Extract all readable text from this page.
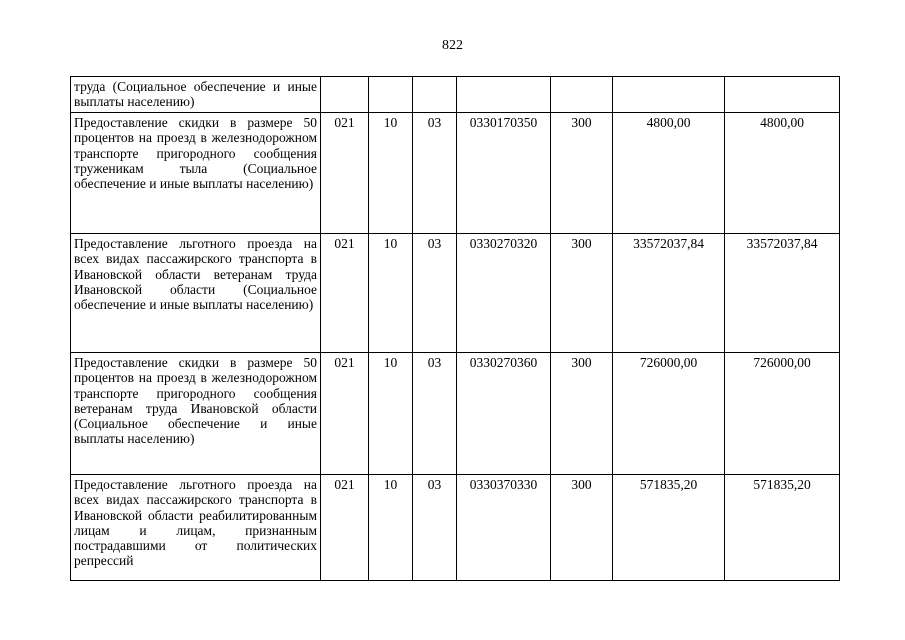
822
труда (Социальное обеспечение и иные выплаты населению)							
Предоставление скидки в размере 50 процентов на проезд в железнодорожном транспорте пригородного сообщения труженикам тыла (Социальное обеспечение и иные выплаты населению)	021	10	03	0330170350	300	4800,00	4800,00
Предоставление льготного проезда на всех видах пассажирского транспорта в Ивановской области ветеранам труда Ивановской области (Социальное обеспечение и иные выплаты населению)	021	10	03	0330270320	300	33572037,84	33572037,84
Предоставление скидки в размере 50 процентов на проезд в железнодорожном транспорте пригородного сообщения ветеранам труда Ивановской области (Социальное обеспечение и иные выплаты населению)	021	10	03	0330270360	300	726000,00	726000,00
Предоставление льготного проезда на всех видах пассажирского транспорта в Ивановской области реабилитированным лицам и лицам, признанным пострадавшими от политических репрессий	021	10	03	0330370330	300	571835,20	571835,20
